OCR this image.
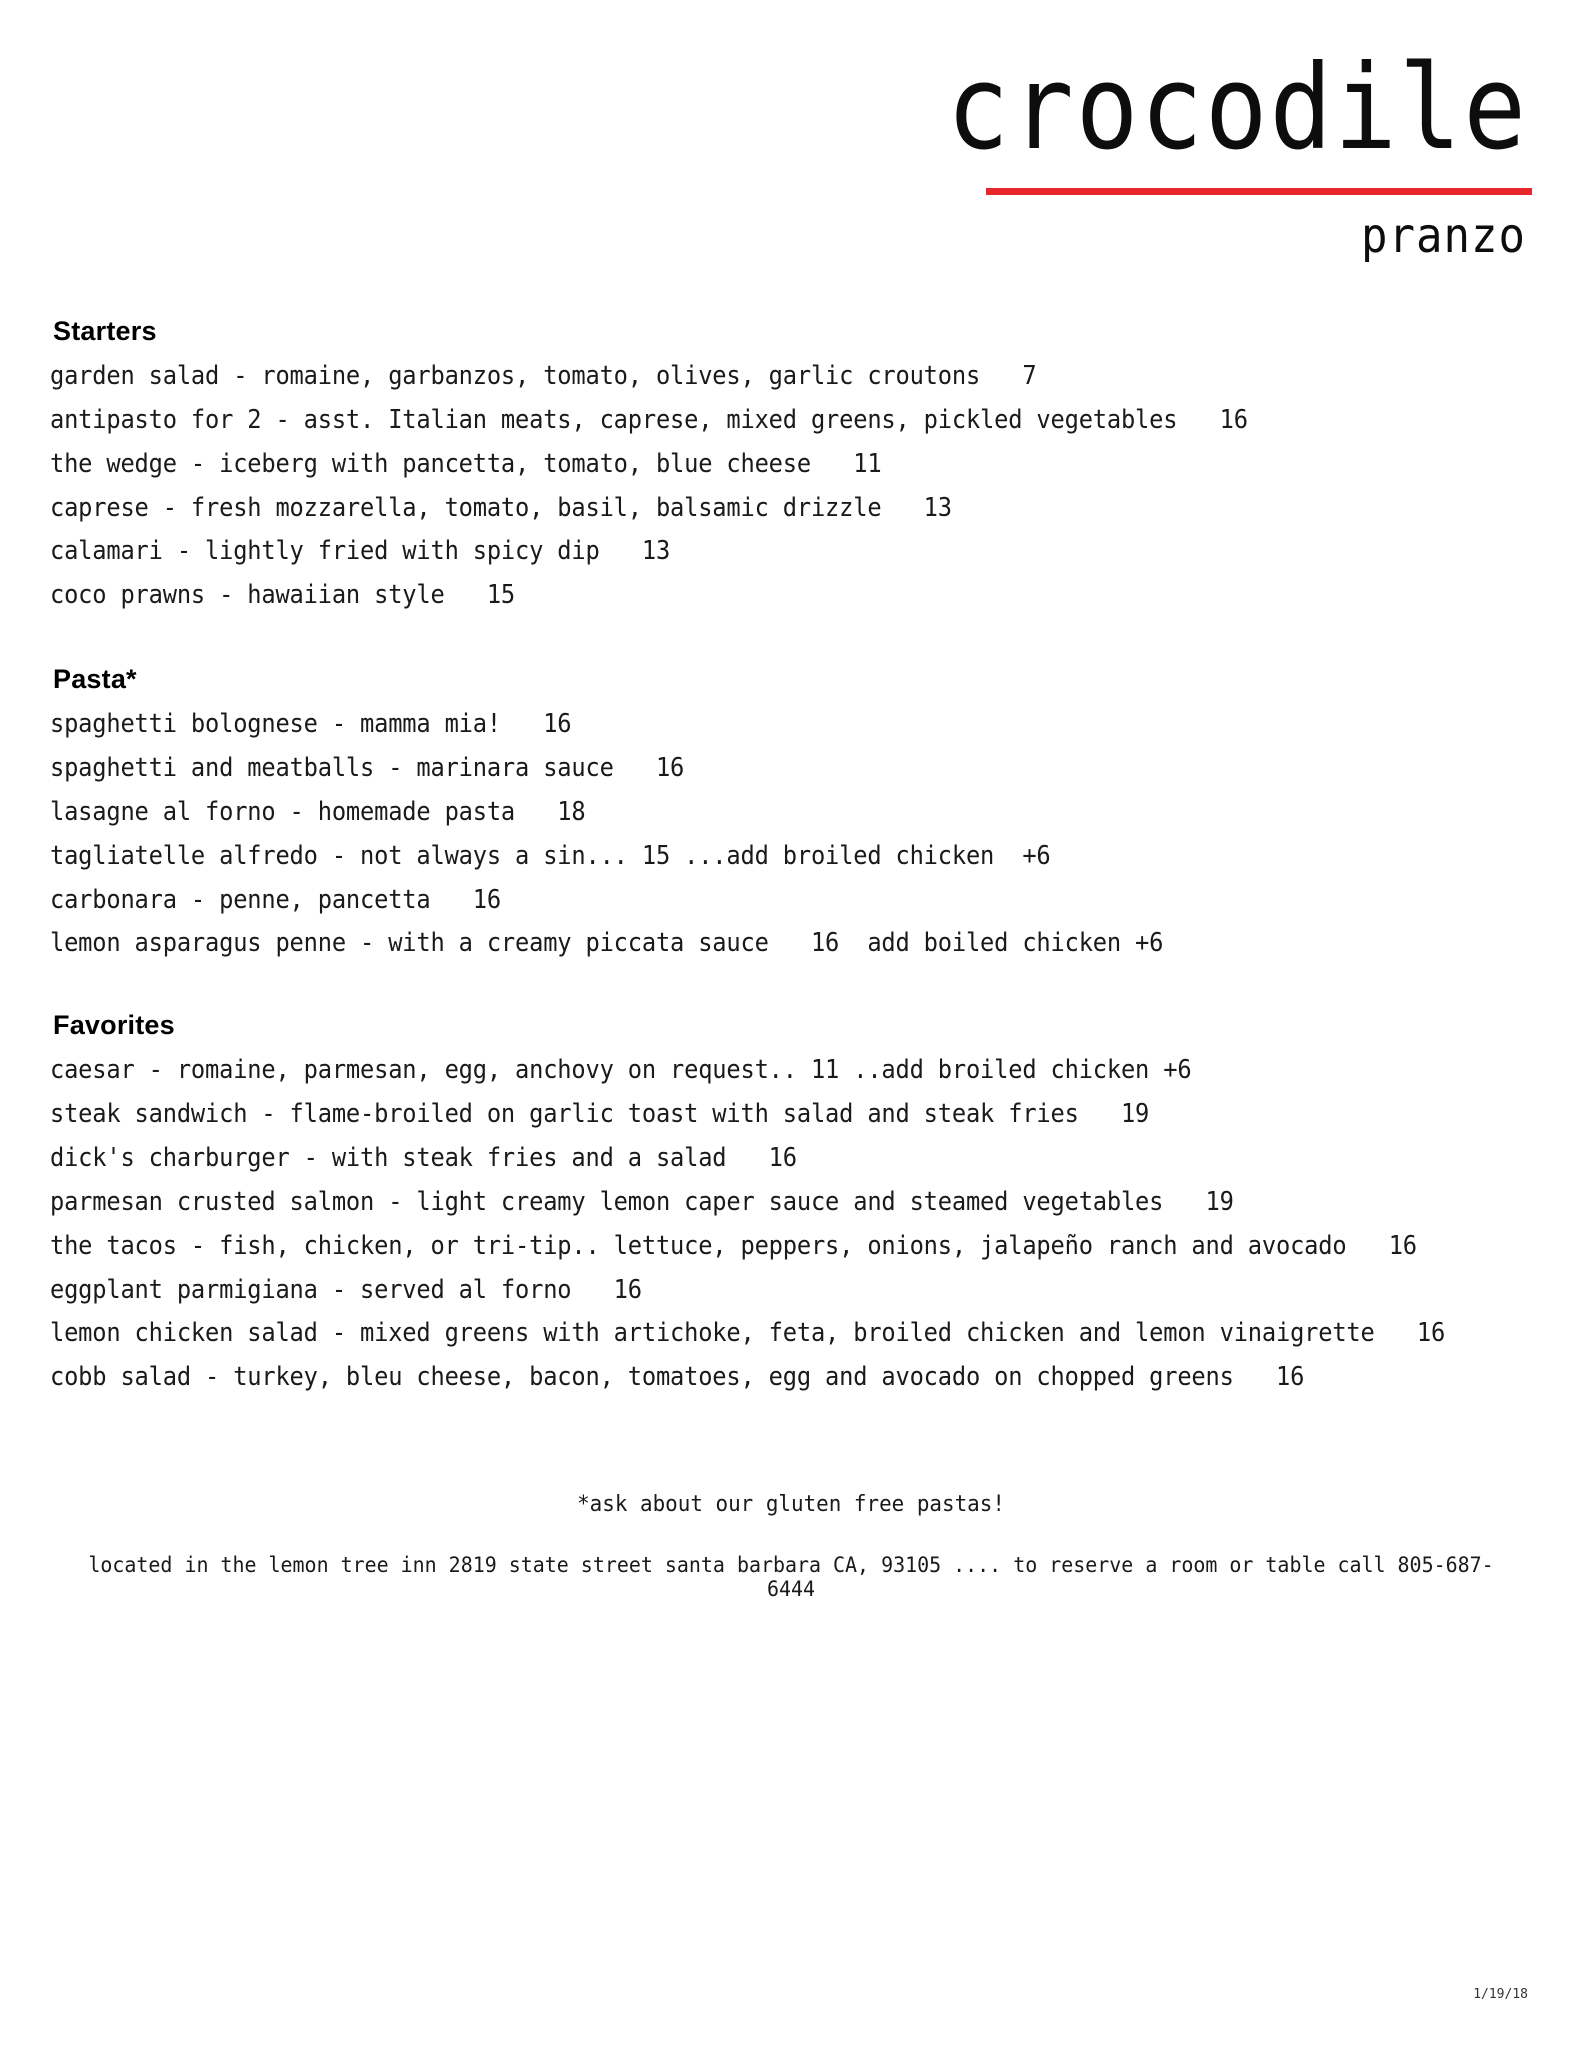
crocodile
pranzo
Starters
garden salad - romaine, garbanzos, tomato, olives, garlic croutons   7
antipasto for 2 - asst. Italian meats, caprese, mixed greens, pickled vegetables   16
the wedge - iceberg with pancetta, tomato, blue cheese   11
caprese - fresh mozzarella, tomato, basil, balsamic drizzle   13
calamari - lightly fried with spicy dip   13
coco prawns - hawaiian style   15
Pasta*
spaghetti bolognese - mamma mia!   16
spaghetti and meatballs - marinara sauce   16
lasagne al forno - homemade pasta   18
tagliatelle alfredo - not always a sin... 15 ...add broiled chicken  +6
carbonara - penne, pancetta   16
lemon asparagus penne - with a creamy piccata sauce   16  add boiled chicken +6
Favorites
caesar - romaine, parmesan, egg, anchovy on request.. 11 ..add broiled chicken +6
steak sandwich - flame-broiled on garlic toast with salad and steak fries   19
dick's charburger - with steak fries and a salad   16
parmesan crusted salmon - light creamy lemon caper sauce and steamed vegetables   19
the tacos - fish, chicken, or tri-tip.. lettuce, peppers, onions, jalapeño ranch and avocado   16
eggplant parmigiana - served al forno   16
lemon chicken salad - mixed greens with artichoke, feta, broiled chicken and lemon vinaigrette   16
cobb salad - turkey, bleu cheese, bacon, tomatoes, egg and avocado on chopped greens   16
*ask about our gluten free pastas!
located in the lemon tree inn 2819 state street santa barbara CA, 93105 .... to reserve a room or table call 805-687-6444
1/19/18
